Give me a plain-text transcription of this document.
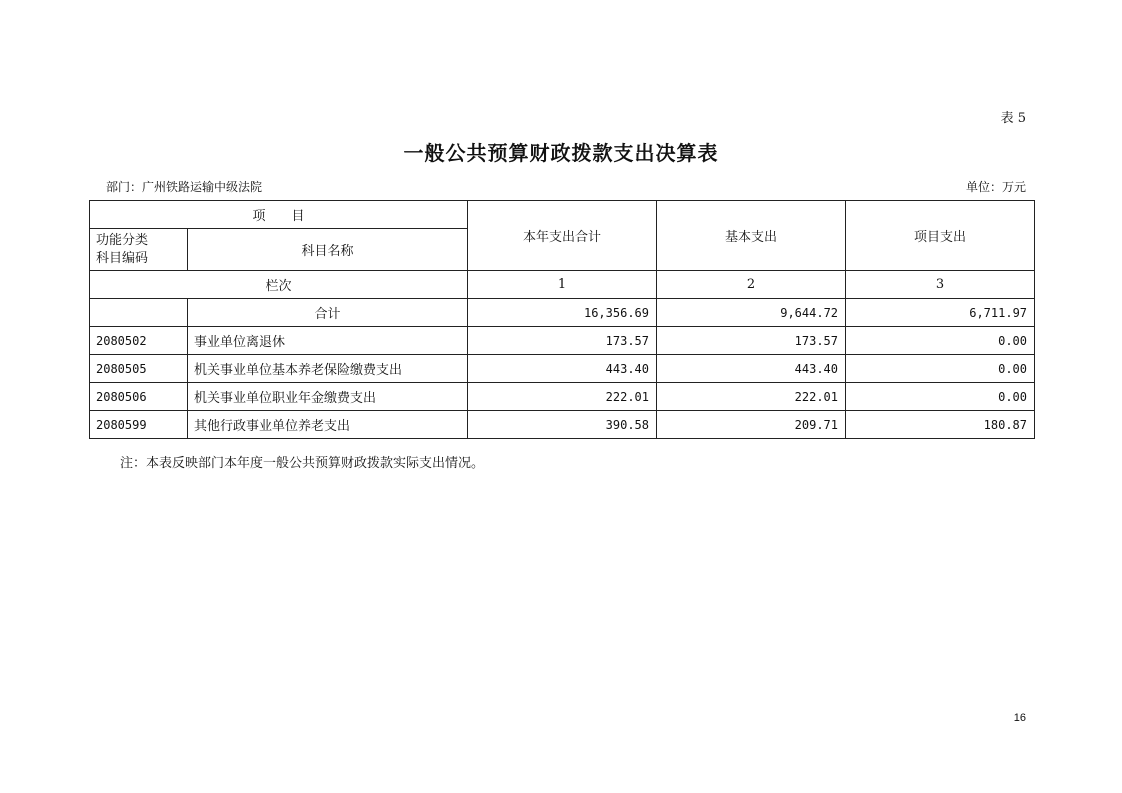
表 5
一般公共预算财政拨款支出决算表
部门：广州铁路运输中级法院	单位：万元
项　　目		本年支出合计	基本支出	项目支出

功能分类
科目编码	科目名称			
栏次		1	2	3
	合计	16,356.69	9,644.72	6,711.97
2080502	事业单位离退休	173.57	173.57	0.00
2080505	机关事业单位基本养老保险缴费支出	443.40	443.40	0.00
2080506	机关事业单位职业年金缴费支出	222.01	222.01	0.00
2080599	其他行政事业单位养老支出	390.58	209.71	180.87
注：本表反映部门本年度一般公共预算财政拨款实际支出情况。
16
